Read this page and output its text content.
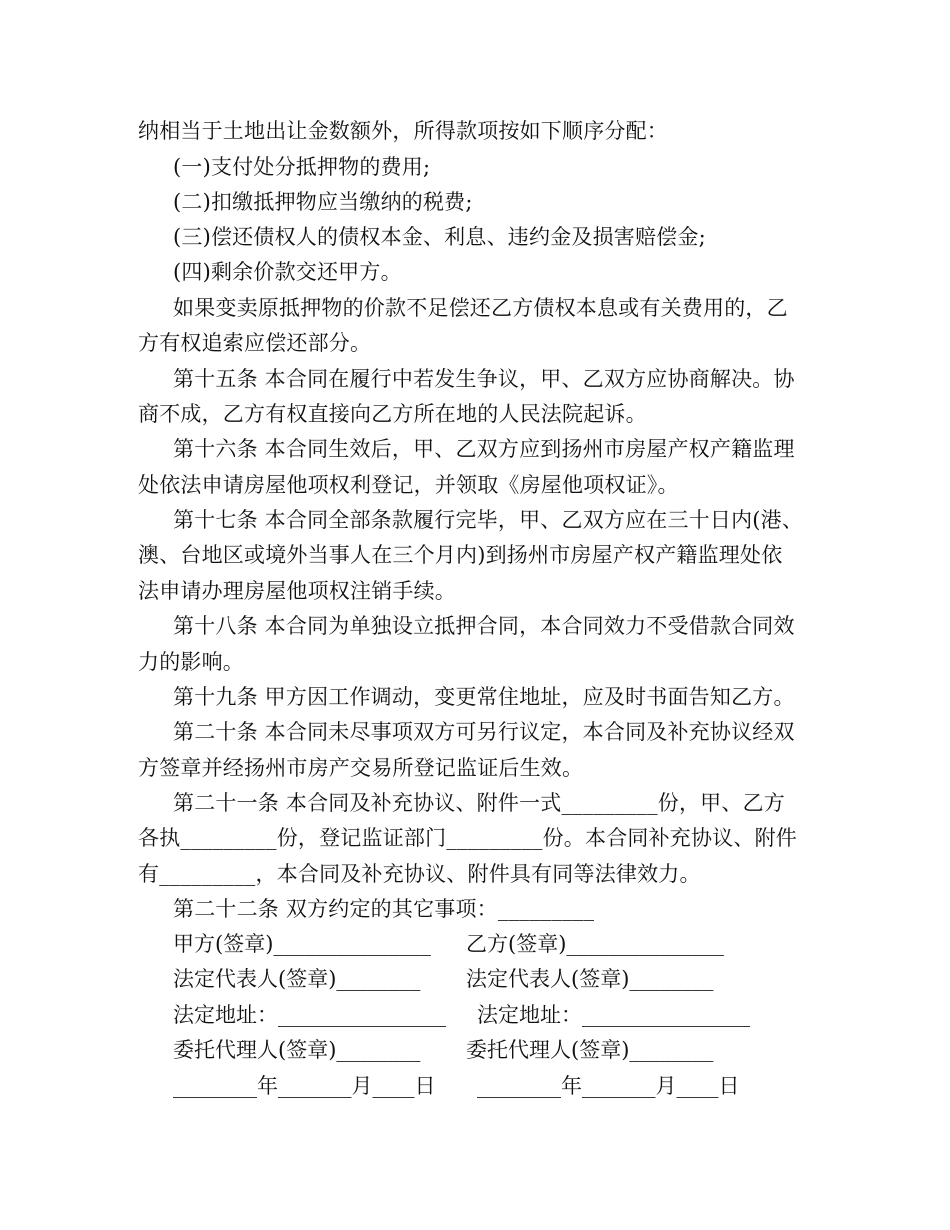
纳相当于土地出让金数额外，所得款项按如下顺序分配：
(一)支付处分抵押物的费用;
(二)扣缴抵押物应当缴纳的税费;
(三)偿还债权人的债权本金、利息、违约金及损害赔偿金;
(四)剩余价款交还甲方。
如果变卖原抵押物的价款不足偿还乙方债权本息或有关费用的，乙
方有权追索应偿还部分。
第十五条 本合同在履行中若发生争议，甲、乙双方应协商解决。协
商不成，乙方有权直接向乙方所在地的人民法院起诉。
第十六条 本合同生效后，甲、乙双方应到扬州市房屋产权产籍监理
处依法申请房屋他项权利登记，并领取《房屋他项权证》。
第十七条 本合同全部条款履行完毕，甲、乙双方应在三十日内(港、
澳、台地区或境外当事人在三个月内)到扬州市房屋产权产籍监理处依
法申请办理房屋他项权注销手续。
第十八条 本合同为单独设立抵押合同，本合同效力不受借款合同效
力的影响。
第十九条 甲方因工作调动，变更常住地址，应及时书面告知乙方。
第二十条 本合同未尽事项双方可另行议定，本合同及补充协议经双
方签章并经扬州市房产交易所登记监证后生效。
第二十一条 本合同及补充协议、附件一式_________份，甲、乙方
各执_________份，登记监证部门_________份。本合同补充协议、附件
有_________，本合同及补充协议、附件具有同等法律效力。
第二十二条 双方约定的其它事项：_________
甲方(签章)_______________ 乙方(签章)_______________
法定代表人(签章)________ 法定代表人(签章)________
法定地址：________________ 法定地址：________________
委托代理人(签章)________ 委托代理人(签章)________
________年_______月____日 ________年_______月____日
